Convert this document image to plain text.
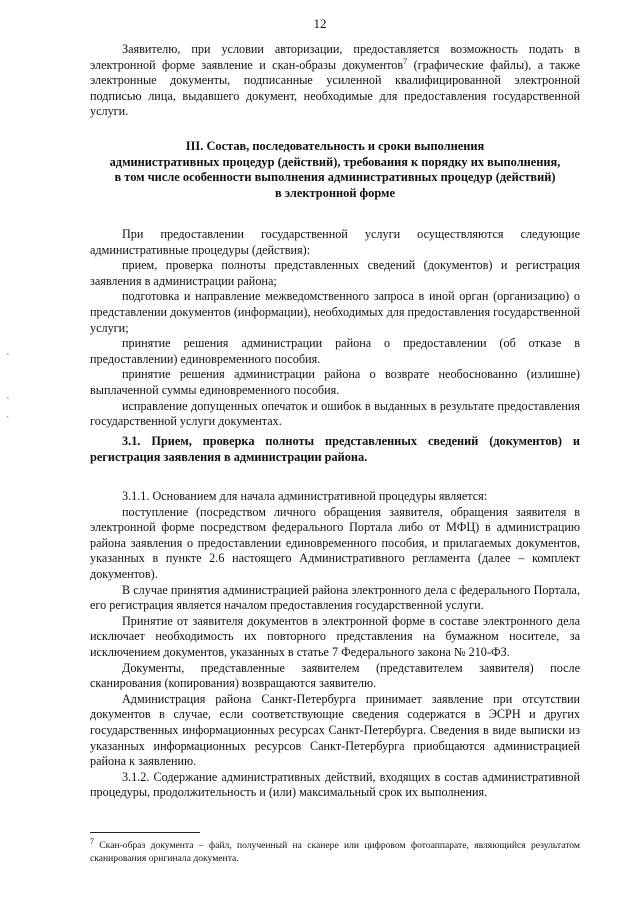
12

Заявителю, при условии авторизации, предоставляется возможность подать в электронной форме заявление и скан-образы документов$^7$ (графические файлы), а также электронные документы, подписанные усиленной квалифицированной электронной подписью лица, выдавшего документ, необходимые для предоставления государственной услуги.

III. Состав, последовательность и сроки выполнения
административных процедур (действий), требования к порядку их выполнения,
в том числе особенности выполнения административных процедур (действий)
в электронной форме

При предоставлении государственной услуги осуществляются следующие административные процедуры (действия):

прием, проверка полноты представленных сведений (документов) и регистрация заявления в администрации района;

подготовка и направление межведомственного запроса в иной орган (организацию) о представлении документов (информации), необходимых для предоставления государственной услуги;

принятие решения администрации района о предоставлении (об отказе в предоставлении) единовременного пособия.

принятие решения администрации района о возврате необоснованно (излишне) выплаченной суммы единовременного пособия.

исправление допущенных опечаток и ошибок в выданных в результате предоставления государственной услуги документах.

3.1. Прием, проверка полноты представленных сведений (документов) и регистрация заявления в администрации района.

3.1.1. Основанием для начала административной процедуры является:

поступление (посредством личного обращения заявителя, обращения заявителя в электронной форме посредством федерального Портала либо от МФЦ) в администрацию района заявления о предоставлении единовременного пособия, и прилагаемых документов, указанных в пункте 2.6 настоящего Административного регламента (далее – комплект документов).

В случае принятия администрацией района электронного дела с федерального Портала, его регистрация является началом предоставления государственной услуги.

Принятие от заявителя документов в электронной форме в составе электронного дела исключает необходимость их повторного представления на бумажном носителе, за исключением документов, указанных в статье 7 Федерального закона № 210-ФЗ.

Документы, представленные заявителем (представителем заявителя) после сканирования (копирования) возвращаются заявителю.

Администрация района Санкт-Петербурга принимает заявление при отсутствии документов в случае, если соответствующие сведения содержатся в ЭСРН и других государственных информационных ресурсах Санкт-Петербурга. Сведения в виде выписки из указанных информационных ресурсов Санкт-Петербурга приобщаются администрацией района к заявлению.

3.1.2. Содержание административных действий, входящих в состав административной процедуры, продолжительность и (или) максимальный срок их выполнения.

$^7$ Скан-образ документа – файл, полученный на сканере или цифровом фотоаппарате, являющийся результатом сканирования оригинала документа.
ˋ
ˋ
ˌ
